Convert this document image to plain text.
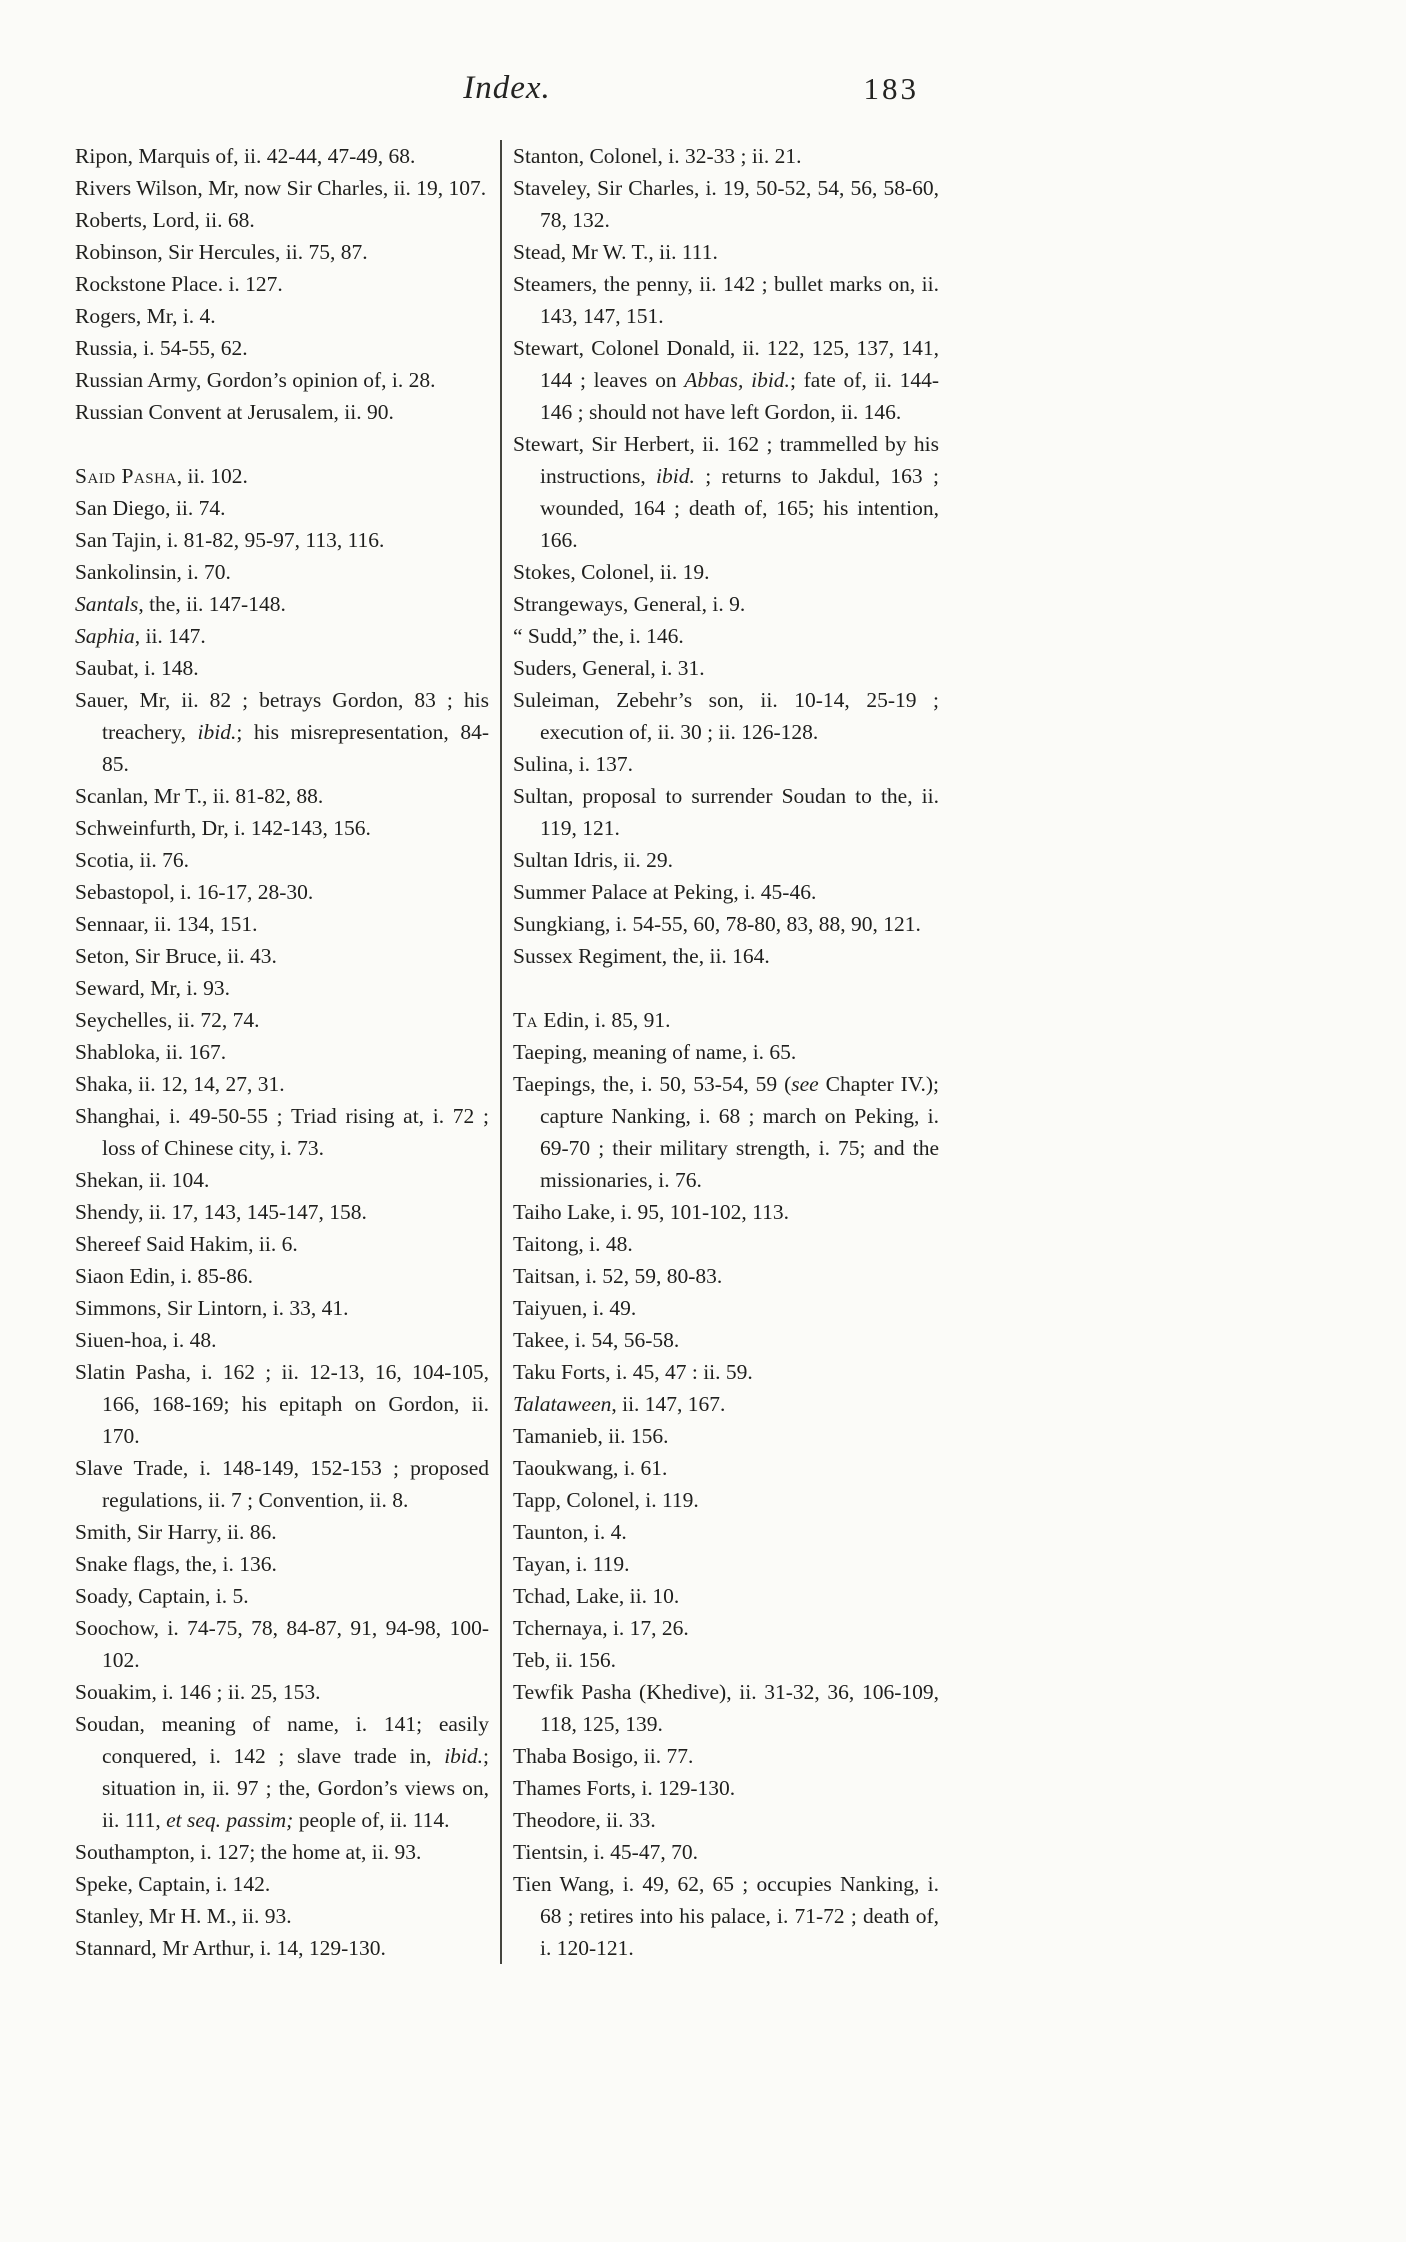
Index.	183
Ripon, Marquis of, ii. 42-44, 47-49, 68.
Rivers Wilson, Mr, now Sir Charles, ii. 19, 107.
Roberts, Lord, ii. 68.
Robinson, Sir Hercules, ii. 75, 87.
Rockstone Place. i. 127.
Rogers, Mr, i. 4.
Russia, i. 54-55, 62.
Russian Army, Gordon’s opinion of, i. 28.
Russian Convent at Jerusalem, ii. 90.
Said Pasha, ii. 102.
San Diego, ii. 74.
San Tajin, i. 81-82, 95-97, 113, 116.
Sankolinsin, i. 70.
Santals, the, ii. 147-148.
Saphia, ii. 147.
Saubat, i. 148.
Sauer, Mr, ii. 82 ; betrays Gordon, 83 ; his treachery, ibid.; his misrepresentation, 84-85.
Scanlan, Mr T., ii. 81-82, 88.
Schweinfurth, Dr, i. 142-143, 156.
Scotia, ii. 76.
Sebastopol, i. 16-17, 28-30.
Sennaar, ii. 134, 151.
Seton, Sir Bruce, ii. 43.
Seward, Mr, i. 93.
Seychelles, ii. 72, 74.
Shabloka, ii. 167.
Shaka, ii. 12, 14, 27, 31.
Shanghai, i. 49-50-55 ; Triad rising at, i. 72 ; loss of Chinese city, i. 73.
Shekan, ii. 104.
Shendy, ii. 17, 143, 145-147, 158.
Shereef Said Hakim, ii. 6.
Siaon Edin, i. 85-86.
Simmons, Sir Lintorn, i. 33, 41.
Siuen-hoa, i. 48.
Slatin Pasha, i. 162 ; ii. 12-13, 16, 104-105, 166, 168-169; his epitaph on Gordon, ii. 170.
Slave Trade, i. 148-149, 152-153 ; proposed regulations, ii. 7 ; Convention, ii. 8.
Smith, Sir Harry, ii. 86.
Snake flags, the, i. 136.
Soady, Captain, i. 5.
Soochow, i. 74-75, 78, 84-87, 91, 94-98, 100-102.
Souakim, i. 146 ; ii. 25, 153.
Soudan, meaning of name, i. 141; easily conquered, i. 142 ; slave trade in, ibid.; situation in, ii. 97 ; the, Gordon’s views on, ii. 111, et seq. passim; people of, ii. 114.
Southampton, i. 127; the home at, ii. 93.
Speke, Captain, i. 142.
Stanley, Mr H. M., ii. 93.
Stannard, Mr Arthur, i. 14, 129-130.
Stanton, Colonel, i. 32-33 ; ii. 21.
Staveley, Sir Charles, i. 19, 50-52, 54, 56, 58-60, 78, 132.
Stead, Mr W. T., ii. 111.
Steamers, the penny, ii. 142 ; bullet marks on, ii. 143, 147, 151.
Stewart, Colonel Donald, ii. 122, 125, 137, 141, 144 ; leaves on Abbas, ibid.; fate of, ii. 144-146 ; should not have left Gordon, ii. 146.
Stewart, Sir Herbert, ii. 162 ; trammelled by his instructions, ibid. ; returns to Jakdul, 163 ; wounded, 164 ; death of, 165; his intention, 166.
Stokes, Colonel, ii. 19.
Strangeways, General, i. 9.
“ Sudd,” the, i. 146.
Suders, General, i. 31.
Suleiman, Zebehr’s son, ii. 10-14, 25-19 ; execution of, ii. 30 ; ii. 126-128.
Sulina, i. 137.
Sultan, proposal to surrender Soudan to the, ii. 119, 121.
Sultan Idris, ii. 29.
Summer Palace at Peking, i. 45-46.
Sungkiang, i. 54-55, 60, 78-80, 83, 88, 90, 121.
Sussex Regiment, the, ii. 164.
Ta Edin, i. 85, 91.
Taeping, meaning of name, i. 65.
Taepings, the, i. 50, 53-54, 59 (see Chapter IV.); capture Nanking, i. 68 ; march on Peking, i. 69-70 ; their military strength, i. 75; and the missionaries, i. 76.
Taiho Lake, i. 95, 101-102, 113.
Taitong, i. 48.
Taitsan, i. 52, 59, 80-83.
Taiyuen, i. 49.
Takee, i. 54, 56-58.
Taku Forts, i. 45, 47 : ii. 59.
Talataween, ii. 147, 167.
Tamanieb, ii. 156.
Taoukwang, i. 61.
Tapp, Colonel, i. 119.
Taunton, i. 4.
Tayan, i. 119.
Tchad, Lake, ii. 10.
Tchernaya, i. 17, 26.
Teb, ii. 156.
Tewfik Pasha (Khedive), ii. 31-32, 36, 106-109, 118, 125, 139.
Thaba Bosigo, ii. 77.
Thames Forts, i. 129-130.
Theodore, ii. 33.
Tientsin, i. 45-47, 70.
Tien Wang, i. 49, 62, 65 ; occupies Nanking, i. 68 ; retires into his palace, i. 71-72 ; death of, i. 120-121.
